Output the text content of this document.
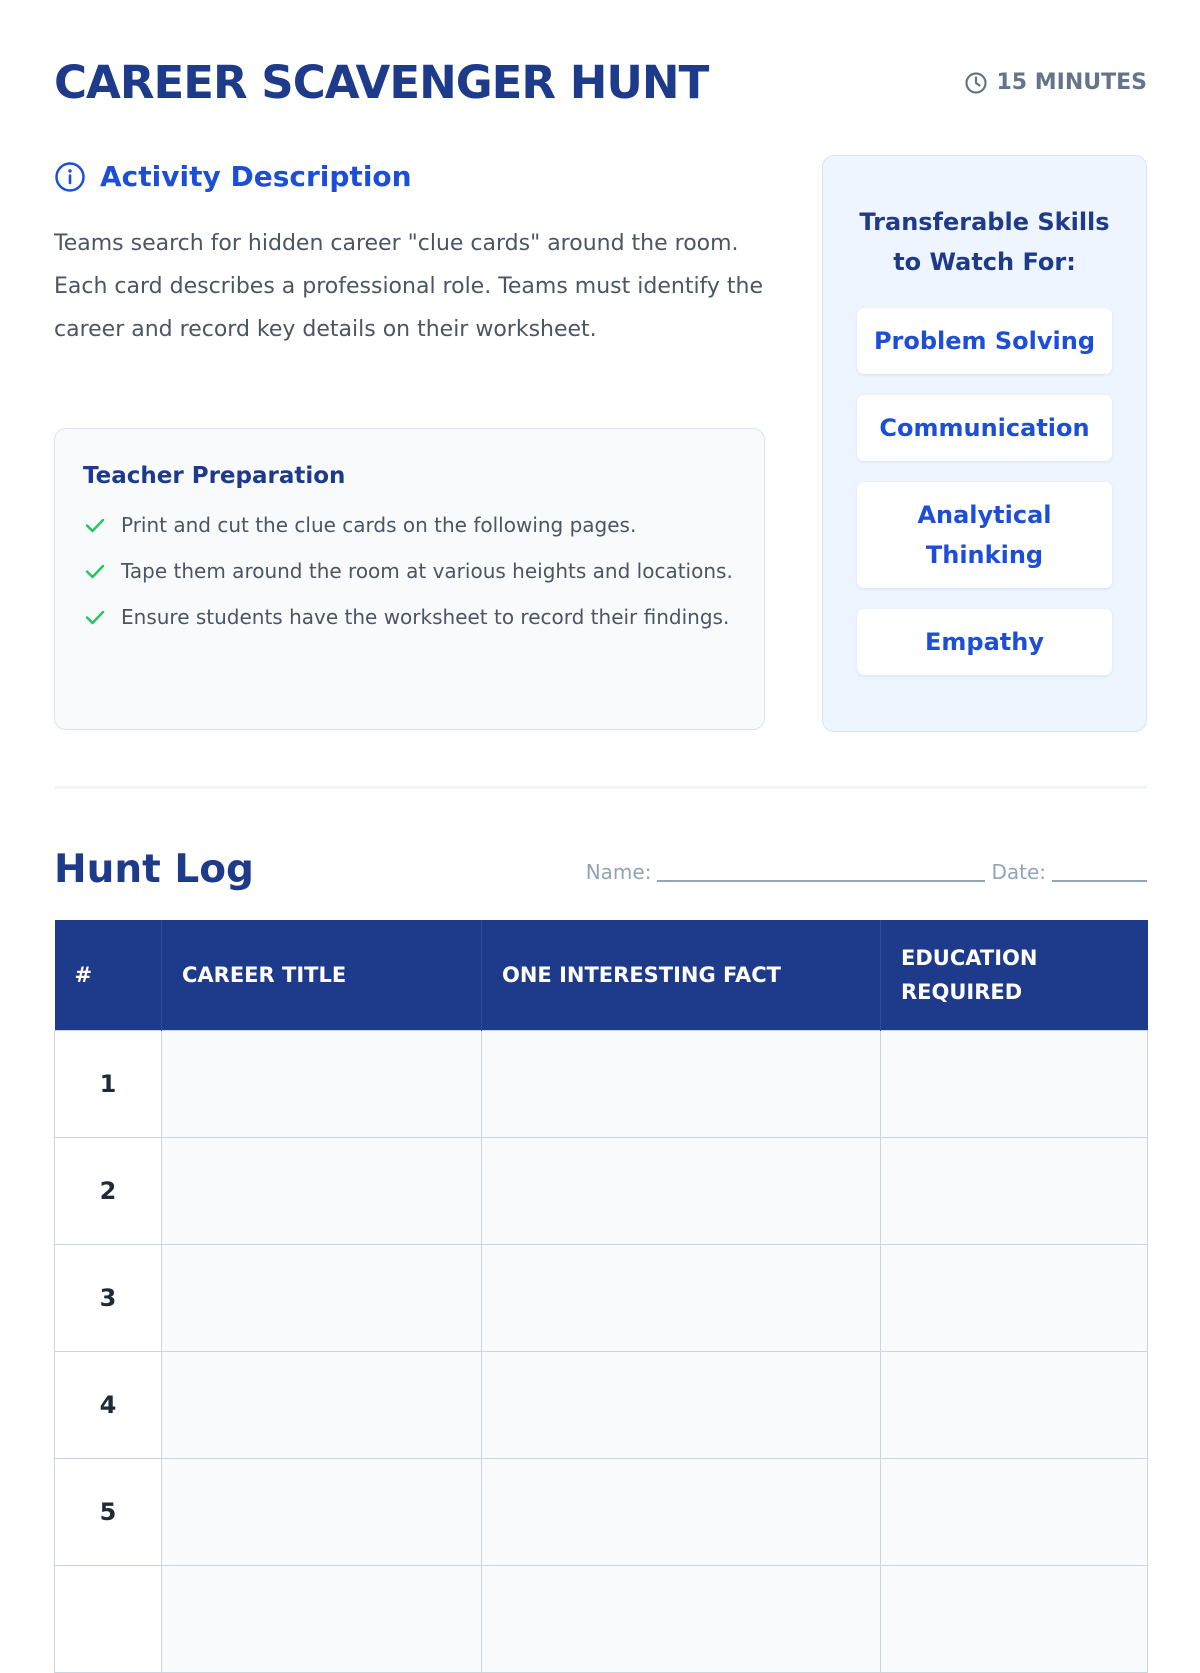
CAREER SCAVENGER HUNT	15 MINUTES
Activity Description

Teams search for hidden career "clue cards" around the room. Each card describes a professional role. Teams must identify the career and record key details on their worksheet.

Teacher Preparation
Print and cut the clue cards on the following pages.
Tape them around the room at various heights and locations.
Ensure students have the worksheet to record their findings.
Transferable Skills to Watch For:
Problem Solving
Communication
Analytical Thinking
Empathy
Hunt Log	Name:	Date:
#	CAREER TITLE	ONE INTERESTING FACT	EDUCATION REQUIRED
1			
2			
3			
4			
5			
